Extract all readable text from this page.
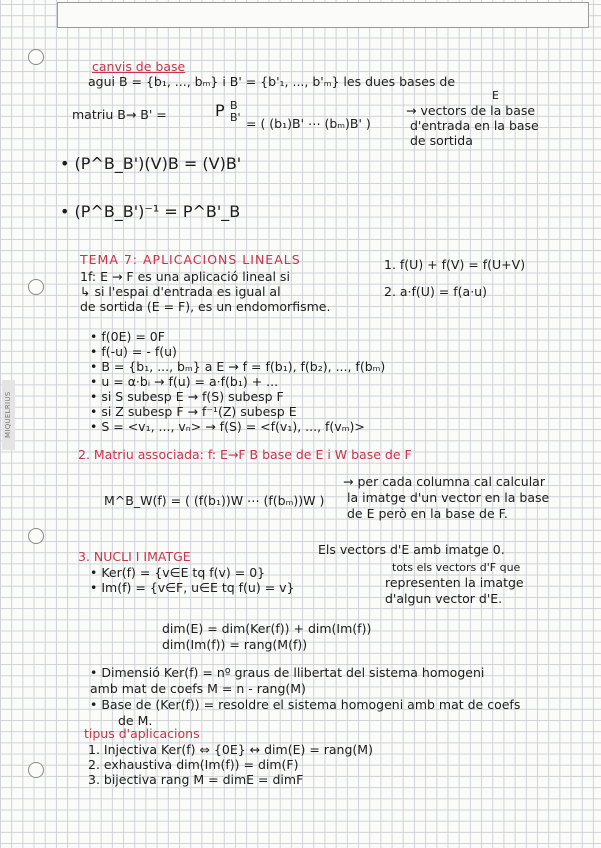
MIQUELRIUS
canvis de base
agui B = {b₁, ..., bₘ} i B' = {b'₁, ..., b'ₘ} les dues bases de
E
matriu B→ B' =	P B
B' = ( (b₁)B' ⋯ (bₘ)B' )
→ vectors de la base
d'entrada en la base
de sortida
• (P^B_B')(V)B = (V)B'
• (P^B_B')⁻¹ = P^B'_B
TEMA 7: APLICACIONS LINEALS
1f: E → F es una aplicació lineal si
↳ si l'espai d'entrada es igual al
de sortida (E = F), es un endomorfisme.
1. f(U) + f(V) = f(U+V)
2. a·f(U) = f(a·u)
• f(0E) = 0F
• f(-u) = - f(u)
• B = {b₁, ..., bₘ} a E → f = f(b₁), f(b₂), ..., f(bₘ)
• u = α·bᵢ → f(u) = a·f(b₁) + ...
• si S subesp E → f(S) subesp F
• si Z subesp F → f⁻¹(Z) subesp E
• S = <v₁, ..., vₙ> → f(S) = <f(v₁), ..., f(vₘ)>
2. Matriu associada: f: E→F B base de E i W base de F
M^B_W(f) = ( (f(b₁))W ⋯ (f(bₘ))W )
→ per cada columna cal calcular
la imatge d'un vector en la base
de E però en la base de F.
3. NUCLI I IMATGE	Els vectors d'E amb imatge 0.
• Ker(f) = {v∈E tq f(v) = 0}
• Im(f) = {v∈F, u∈E tq f(u) = v}
tots els vectors d'F que
representen la imatge
d'algun vector d'E.
dim(E) = dim(Ker(f)) + dim(Im(f))
dim(Im(f)) = rang(M(f))
• Dimensió Ker(f) = nº graus de llibertat del sistema homogeni
amb mat de coefs M = n - rang(M)
• Base de (Ker(f)) = resoldre el sistema homogeni amb mat de coefs
de M.
tipus d'aplicacions
1. Injectiva Ker(f) ⇔ {0E} ↔ dim(E) = rang(M)
2. exhaustiva dim(Im(f)) = dim(F)
3. bijectiva rang M = dimE = dimF
